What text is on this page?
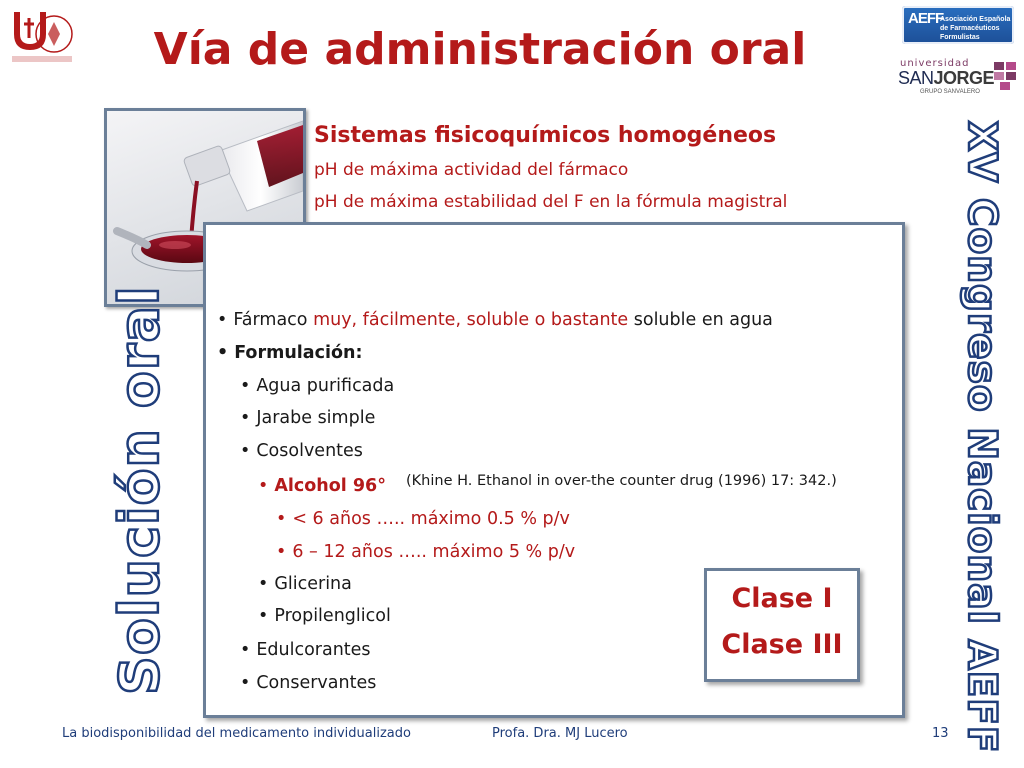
AEFF
Asociación Española de Farmacéuticos Formulistas
universidad
SANJORGE
GRUPO SANVALERO
Vía de administración oral
Sistemas fisicoquímicos homogéneos
pH de máxima actividad del fármaco
pH de máxima estabilidad del F en la fórmula magistral
• Fármaco muy, fácilmente, soluble o bastante soluble en agua
• Formulación:
• Agua purificada
• Jarabe simple
• Cosolventes
• Alcohol 96° (Khine H. Ethanol in over-the counter drug (1996) 17: 342.)
• < 6 años ….. máximo 0.5 % p/v
• 6 – 12 años ….. máximo 5 % p/v
• Glicerina
• Propilenglicol
• Edulcorantes
• Conservantes
Clase I
Clase III
Solución oral	XV Congreso Nacional AEFF
La biodisponibilidad del medicamento individualizado	Profa. Dra. MJ Lucero	13
